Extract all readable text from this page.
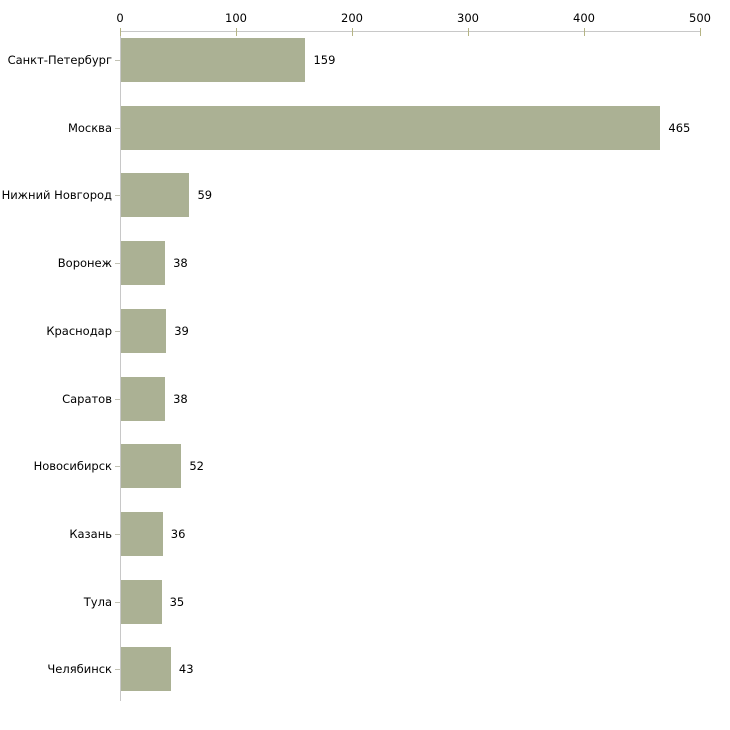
0	100	200	300	400	500
159
465
59
38
39
38
52
36
35
43
Санкт-Петербург
Москва
Нижний Новгород
Воронеж
Краснодар
Саратов
Новосибирск
Казань
Тула
Челябинск
